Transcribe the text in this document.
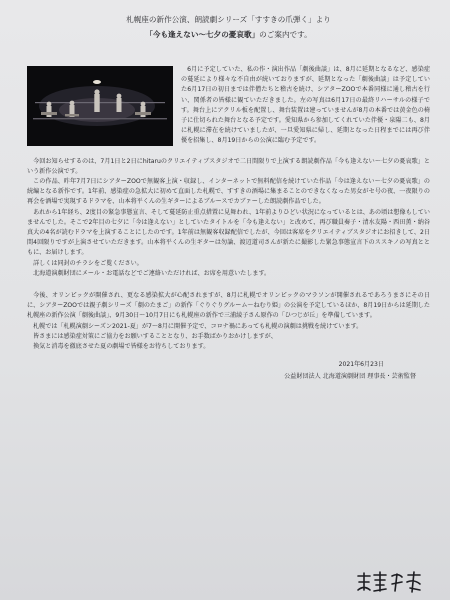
札幌座の新作公演、朗読劇シリーズ「すすきの爪弾く」より
「今も逢えない〜七夕の憂哀歌」のご案内です。

6月に予定していた、私の作・演出作品「劇後曲談」は、8月に延期となるなど、感染症の蔓延により様々な不自由が続いておりますが、延期となった「劇後曲談」は予定していた6月17日の初日までは伴僧たちと稽古を続け、シアターZOOで本番同様に通し稽古を行い、関係者の皆様に観ていただきました。左の写真は6月17日の最終リハーサルの様子です。舞台上にアクリル板を配置し、舞台装置は建っていませんが8月の本番では黄金色の椅子に仕切られた舞台となる予定です。愛知県から参加してくれていた伴優・泉陽二も、8月に札幌に滞在を続けていましたが、一旦愛知県に帰し、延期となった日程までには再び伴優を招集し、8月19日からの公演に臨む予定です。

今回お知らせするのは、7月1日と2日にhitaruのクリエイティブスタジオで二日間限りで上演する朗読劇作品「今も逢えない〜七夕の憂哀歌」という新作公演です。

この作品、昨年7月7日にシアターZOOで無観客上演・収録し、インターネットで無料配信を続けていた作品「今は逢えない〜七夕の憂哀歌」の続編となる新作です。1年前、感染症の急拡大に初めて直面した札幌で、すすきの酒場に集まることのできなくなった男女がセ号の夜、一夜限りの再会を酒場で実現するドラマを、山本将平くんの生ギターによるブルースでカブァーした朗読劇作品でした。

あれから1年経ち、2度目の緊急事態宣言、そして蔓延防止重点措置に見舞われ、1年前よりひどい状況になっているとは、あの頃は想像もしていませんでした。そこで2年目の七夕に「今は逢えない」としていたタイトルを「今も逢えない」と改めて、再び職員奏子・清水友陽・西田薫・納谷真大の4名が読むドラマを上演することにしたのです。1年前は無観客収録配信でしたが、今回は客席をクリエイティブスタジオにお招きして、2日間4回限りですが上演させていただきます。山本将平くんの生ギターは勿論、渡辺道司さんが新たに撮影した緊急事態宣言下のススキノの写真とともに、お届けします。

詳しくは同封のチラシをご覧ください。

北海道演劇財団にメール・お電話などでご連絡いただければ、お席を用意いたします。

今後、オリンピックが開催され、更なる感染拡大が心配されますが、8月に札幌でオリンピックのマラソンが開催されるであろうまさにその日に、シアターZOOでは親子劇シリーズ「劇のたまご」の新作「ぐりぐりグルーム〜ねむり姫」の公演を予定しているほか、8月19日からは延期した札幌座の新作公演「劇後曲談」、9月30日〜10月7日にも札幌座の新作で三浦綾子さん原作の「ひつじが丘」を準備しています。

札幌では「札幌演劇シーズン2021-夏」が7〜8月に開催予定で、コロナ禍にあっても札幌の演劇は挑戦を続けています。

皆さまには感染症対策にご協力をお願いすることとなり、お手数ばかりおかけしますが、

換気と消毒を徹底させた夏の劇場で皆様をお待ちしております。

2021年6月23日
公益財団法人 北海道演劇財団 理事長・芸術監督
